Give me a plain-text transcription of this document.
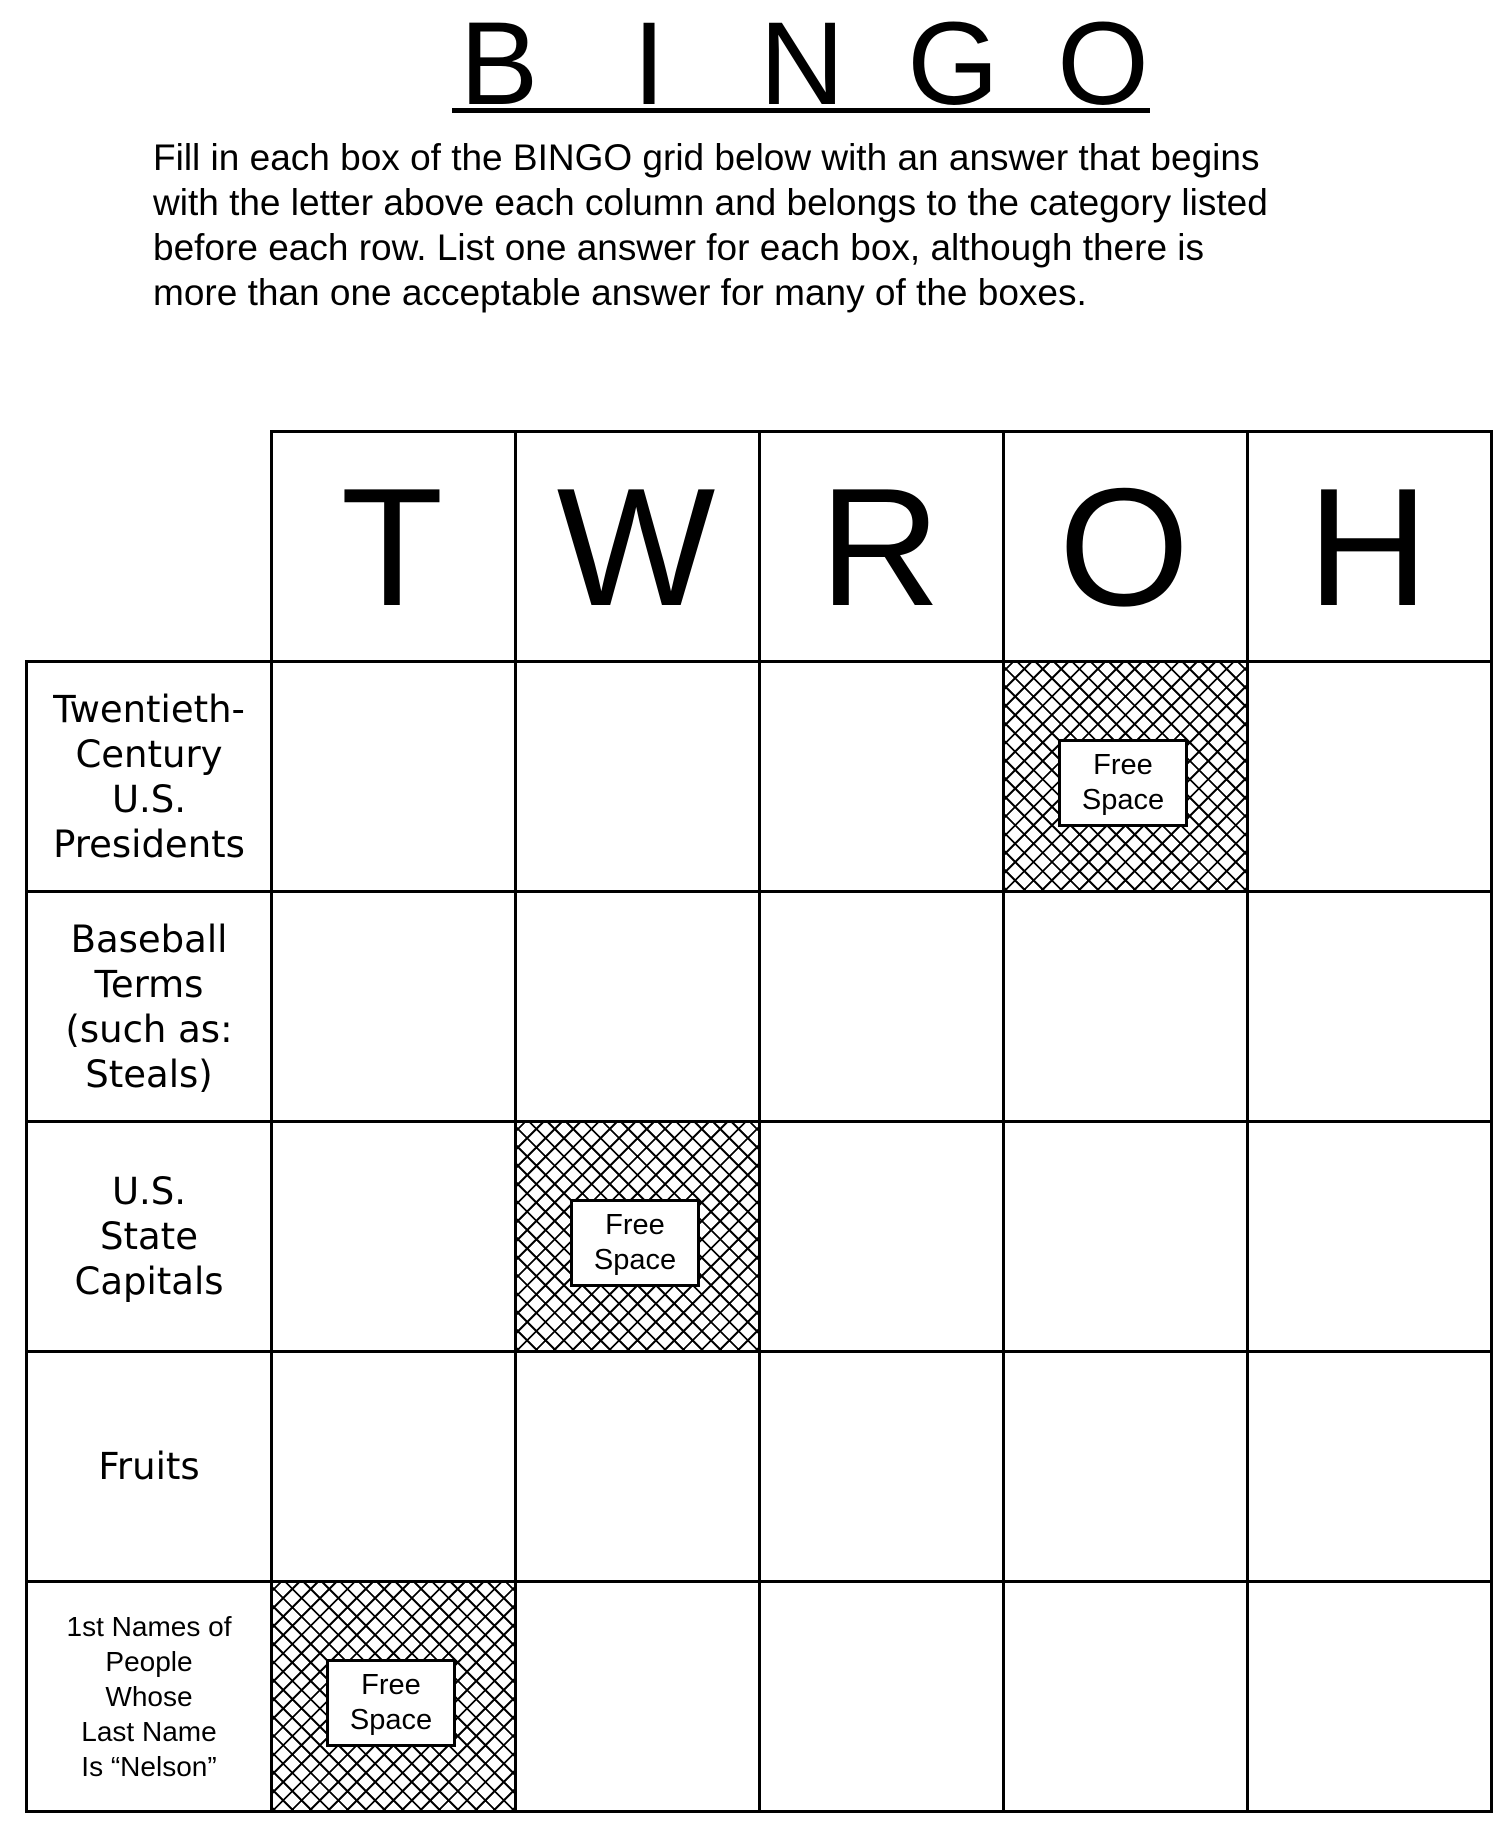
B I N G O

Fill in each box of the BINGO grid below with an answer that begins

with the letter above each column and belongs to the category listed

before each row. List one answer for each box, although there is

more than one acceptable answer for many of the boxes.

T W R O H
Twentieth-
Century
U.S.
Presidents
Free
Space
Baseball
Terms
(such as:
Steals)
U.S.
State
Capitals
Free
Space
Fruits
1st Names of
People
Whose
Last Name
Is “Nelson”
Free
Space
